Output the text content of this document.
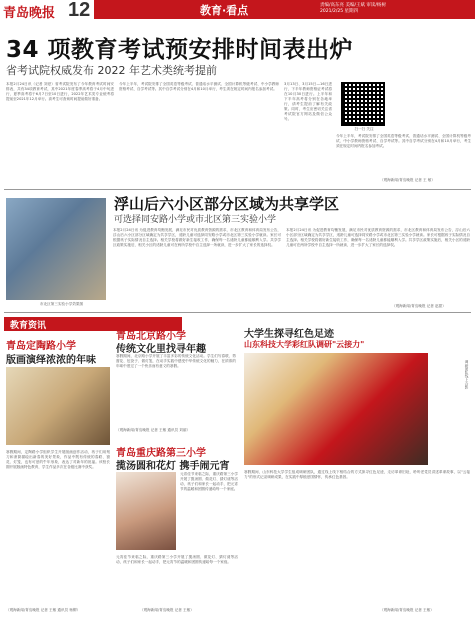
青岛晚报 12	教育·看点	责编/高东亮 美编/王斌 审读/杨树
2021/2/25 星期四
34 项教育考试预安排时间表出炉
省考试院权威发布 2022 年艺术类统考提前
本报2月24日讯（记者 刘爱）省考试院发布了今年教育考试时间安排表，共有34项教育考试，其中2021年度春季高考将于4月中旬进行，夏季高考将于6月7日至10日进行，2022年艺术类专业统考将提前至2021年12月举行。高考生可查询时间提前做好准备。
今年上半年，考试院安排了全国英语等级考试、普通话水平测试、全国计算机等级考试、中小学教师资格考试、自学考试等。其中自学考试分别在4月和10月举行，考生须在规定时间内报名参加考试。
3月13日、3月15日—16日进行，下半年教师资格证考试将在10月30日进行。上半年和下半年高考将分别在各地举行，请考生提前了解有关政策。同时，考生应密切关注省考试院官方网站及微信公众号。
扫一扫 关注
今年上半年，考试院安排了全国英语等级考试、普通话水平测试、全国计算机等级考试、中小学教师资格考试、自学考试等。其中自学考试分别在4月和10月举行，考生须在规定时间内报名参加考试。
（观海新闻/青岛晚报 记者 王 敏）
浮山后六小区部分区域为共享学区
可选择同安路小学或市北区第三实验小学
市北区第三实验小学效果图
本报2月24日讯 为促进教育均衡发展，满足市民对优质教育资源的需求，市北区教育和体育局发布公告，浮山后六小区部分区域确定为共享学区，适龄儿童可选择同安路小学或市北区第三实验小学就读。家长可根据孩子实际情况自主选择。相关学校将做好新生接收工作，确保每一名适龄儿童都能顺利入学。共享学区政策实施后，相关小区的适龄儿童可在两所学校中自主选择一所就读，进一步扩大了家长的选择权。
本报2月24日讯 为促进教育均衡发展，满足市民对优质教育资源的需求，市北区教育和体育局发布公告，浮山后六小区部分区域确定为共享学区，适龄儿童可选择同安路小学或市北区第三实验小学就读。家长可根据孩子实际情况自主选择。相关学校将做好新生接收工作，确保每一名适龄儿童都能顺利入学。共享学区政策实施后，相关小区的适龄儿童可在两所学校中自主选择一所就读，进一步扩大了家长的选择权。
（观海新闻/青岛晚报 记者 赵甜）
教育资讯
青岛定陶路小学
版画演绎浓浓的年味
寒假期间，定陶路小学组织学生开展版画创作活动，孩子们用刻刀和滚筒描绘出新春的美好景象，作品中既有传统的春联、窗花、灯笼，也有可爱的牛年形象，表达了对新年的祝福。该校长期开展版画特色教育，学生作品多次在各级比赛中获奖。
（观海新闻/青岛晚报 记者 王敏 通讯员 杨柳）
青岛北京路小学
传统文化里找寻年趣
寒假期间，北京路小学开展了丰富多彩的传统文化活动。学生们写春联、剪窗花、包饺子、做灯笼，在动手实践中感受中华传统文化的魅力，在浓浓的年味中度过了一个快乐而有意义的寒假。
（观海新闻/青岛晚报 记者 王敏 通讯员 刘丽）
青岛重庆路第三小学
揽汤圆和花灯 携手闹元宵
元宵佳节来临之际，重庆路第三小学开展了揽汤圆、做花灯、猜灯谜等活动，孩子们和家长一起动手，把元宵节的温暖和团圆传递给每一个家庭。
元宵佳节来临之际，重庆路第三小学开展了揽汤圆、做花灯、猜灯谜等活动，孩子们和家长一起动手，把元宵节的温暖和团圆传递给每一个家庭。
（观海新闻/青岛晚报 记者 王敏）
大学生探寻红色足迹
山东科技大学彩红队调研"云接力"
调研团队线上合影
寒假期间，山东科技大学学生组成调研团队，通过线上线下相结合的方式探寻红色足迹，走访革命旧址，聆听老党员讲述革命故事，以"云接力"的形式记录调研成果，在实践中厚植爱国情怀，传承红色基因。
（观海新闻/青岛晚报 记者 王敏）
